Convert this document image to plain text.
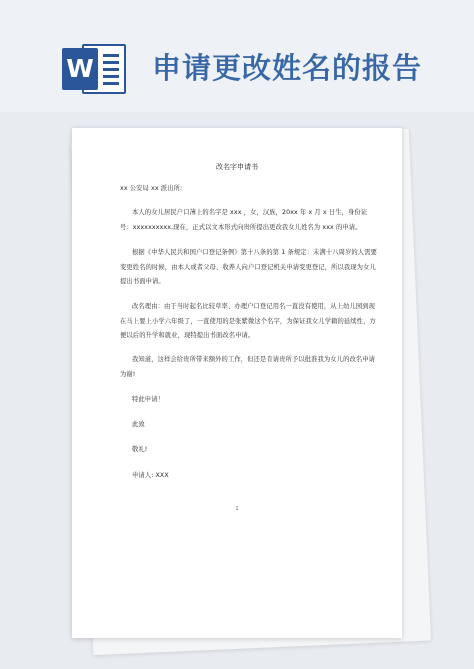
W 申请更改姓名的报告
改名字申请书
xx 公安局 xx 派出所:
本人的女儿居民户口薄上的名字是 xxx ，女，汉族，20xx 年 x 月 x 日生，身份证号：xxxxxxxxxx,现在，正式以文本形式向贵所提出更改我女儿姓名为 xxx 的申请。
根据《中华人民共和国户口登记条例》第十八条的第 1 条规定：未满十八周岁的人需要变更姓名的时候，由本人或者父母、收养人向户口登记机关申请变更登记，所以我现为女儿提出书面申请。
改名理由：由于当时起名比较草率、办理户口登记用名一直没有使用，从上幼儿园到现在马上要上小学六年级了，一直使用的是张紫微这个名字，为保证我女儿学籍的延续性，方便以后的升学和就业，现特提出书面改名申请。
我知道，这样会给贵所带来额外的工作，但还是肯请贵所予以批准我为女儿的改名申请为谢!
特此申请！
此致
敬礼!
申请人: XXX
1
